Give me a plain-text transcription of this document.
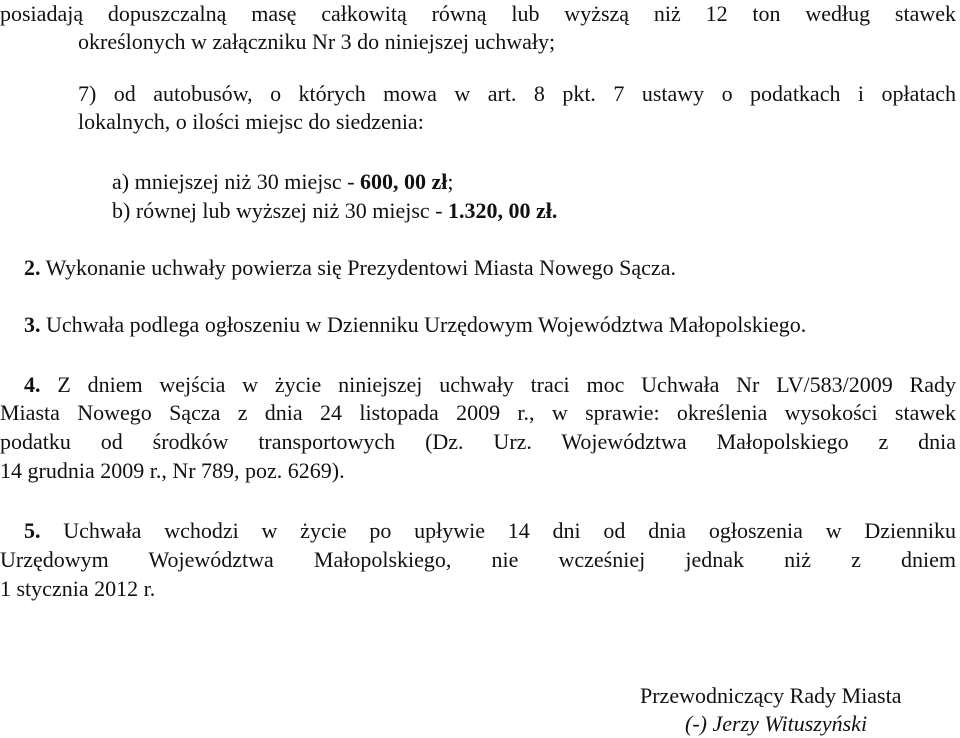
posiadają dopuszczalną masę całkowitą równą lub wyższą niż 12 ton według stawek
określonych w załączniku Nr 3 do niniejszej uchwały;
7) od autobusów, o których mowa w art. 8 pkt. 7 ustawy o podatkach i opłatach
lokalnych, o ilości miejsc do siedzenia:
a) mniejszej niż 30 miejsc - 600, 00 zł;
b) równej lub wyższej niż 30 miejsc - 1.320, 00 zł.
2. Wykonanie uchwały powierza się Prezydentowi Miasta Nowego Sącza.
3. Uchwała podlega ogłoszeniu w Dzienniku Urzędowym Województwa Małopolskiego.
4. Z dniem wejścia w życie niniejszej uchwały traci moc Uchwała Nr LV/583/2009 Rady
Miasta Nowego Sącza z dnia 24 listopada 2009 r., w sprawie: określenia wysokości stawek
podatku od środków transportowych (Dz. Urz. Województwa Małopolskiego z dnia
14 grudnia 2009 r., Nr 789, poz. 6269).
5. Uchwała wchodzi w życie po upływie 14 dni od dnia ogłoszenia w Dzienniku
Urzędowym Województwa Małopolskiego, nie wcześniej jednak niż z dniem
1 stycznia 2012 r.
Przewodniczący Rady Miasta
(-) Jerzy Wituszyński
